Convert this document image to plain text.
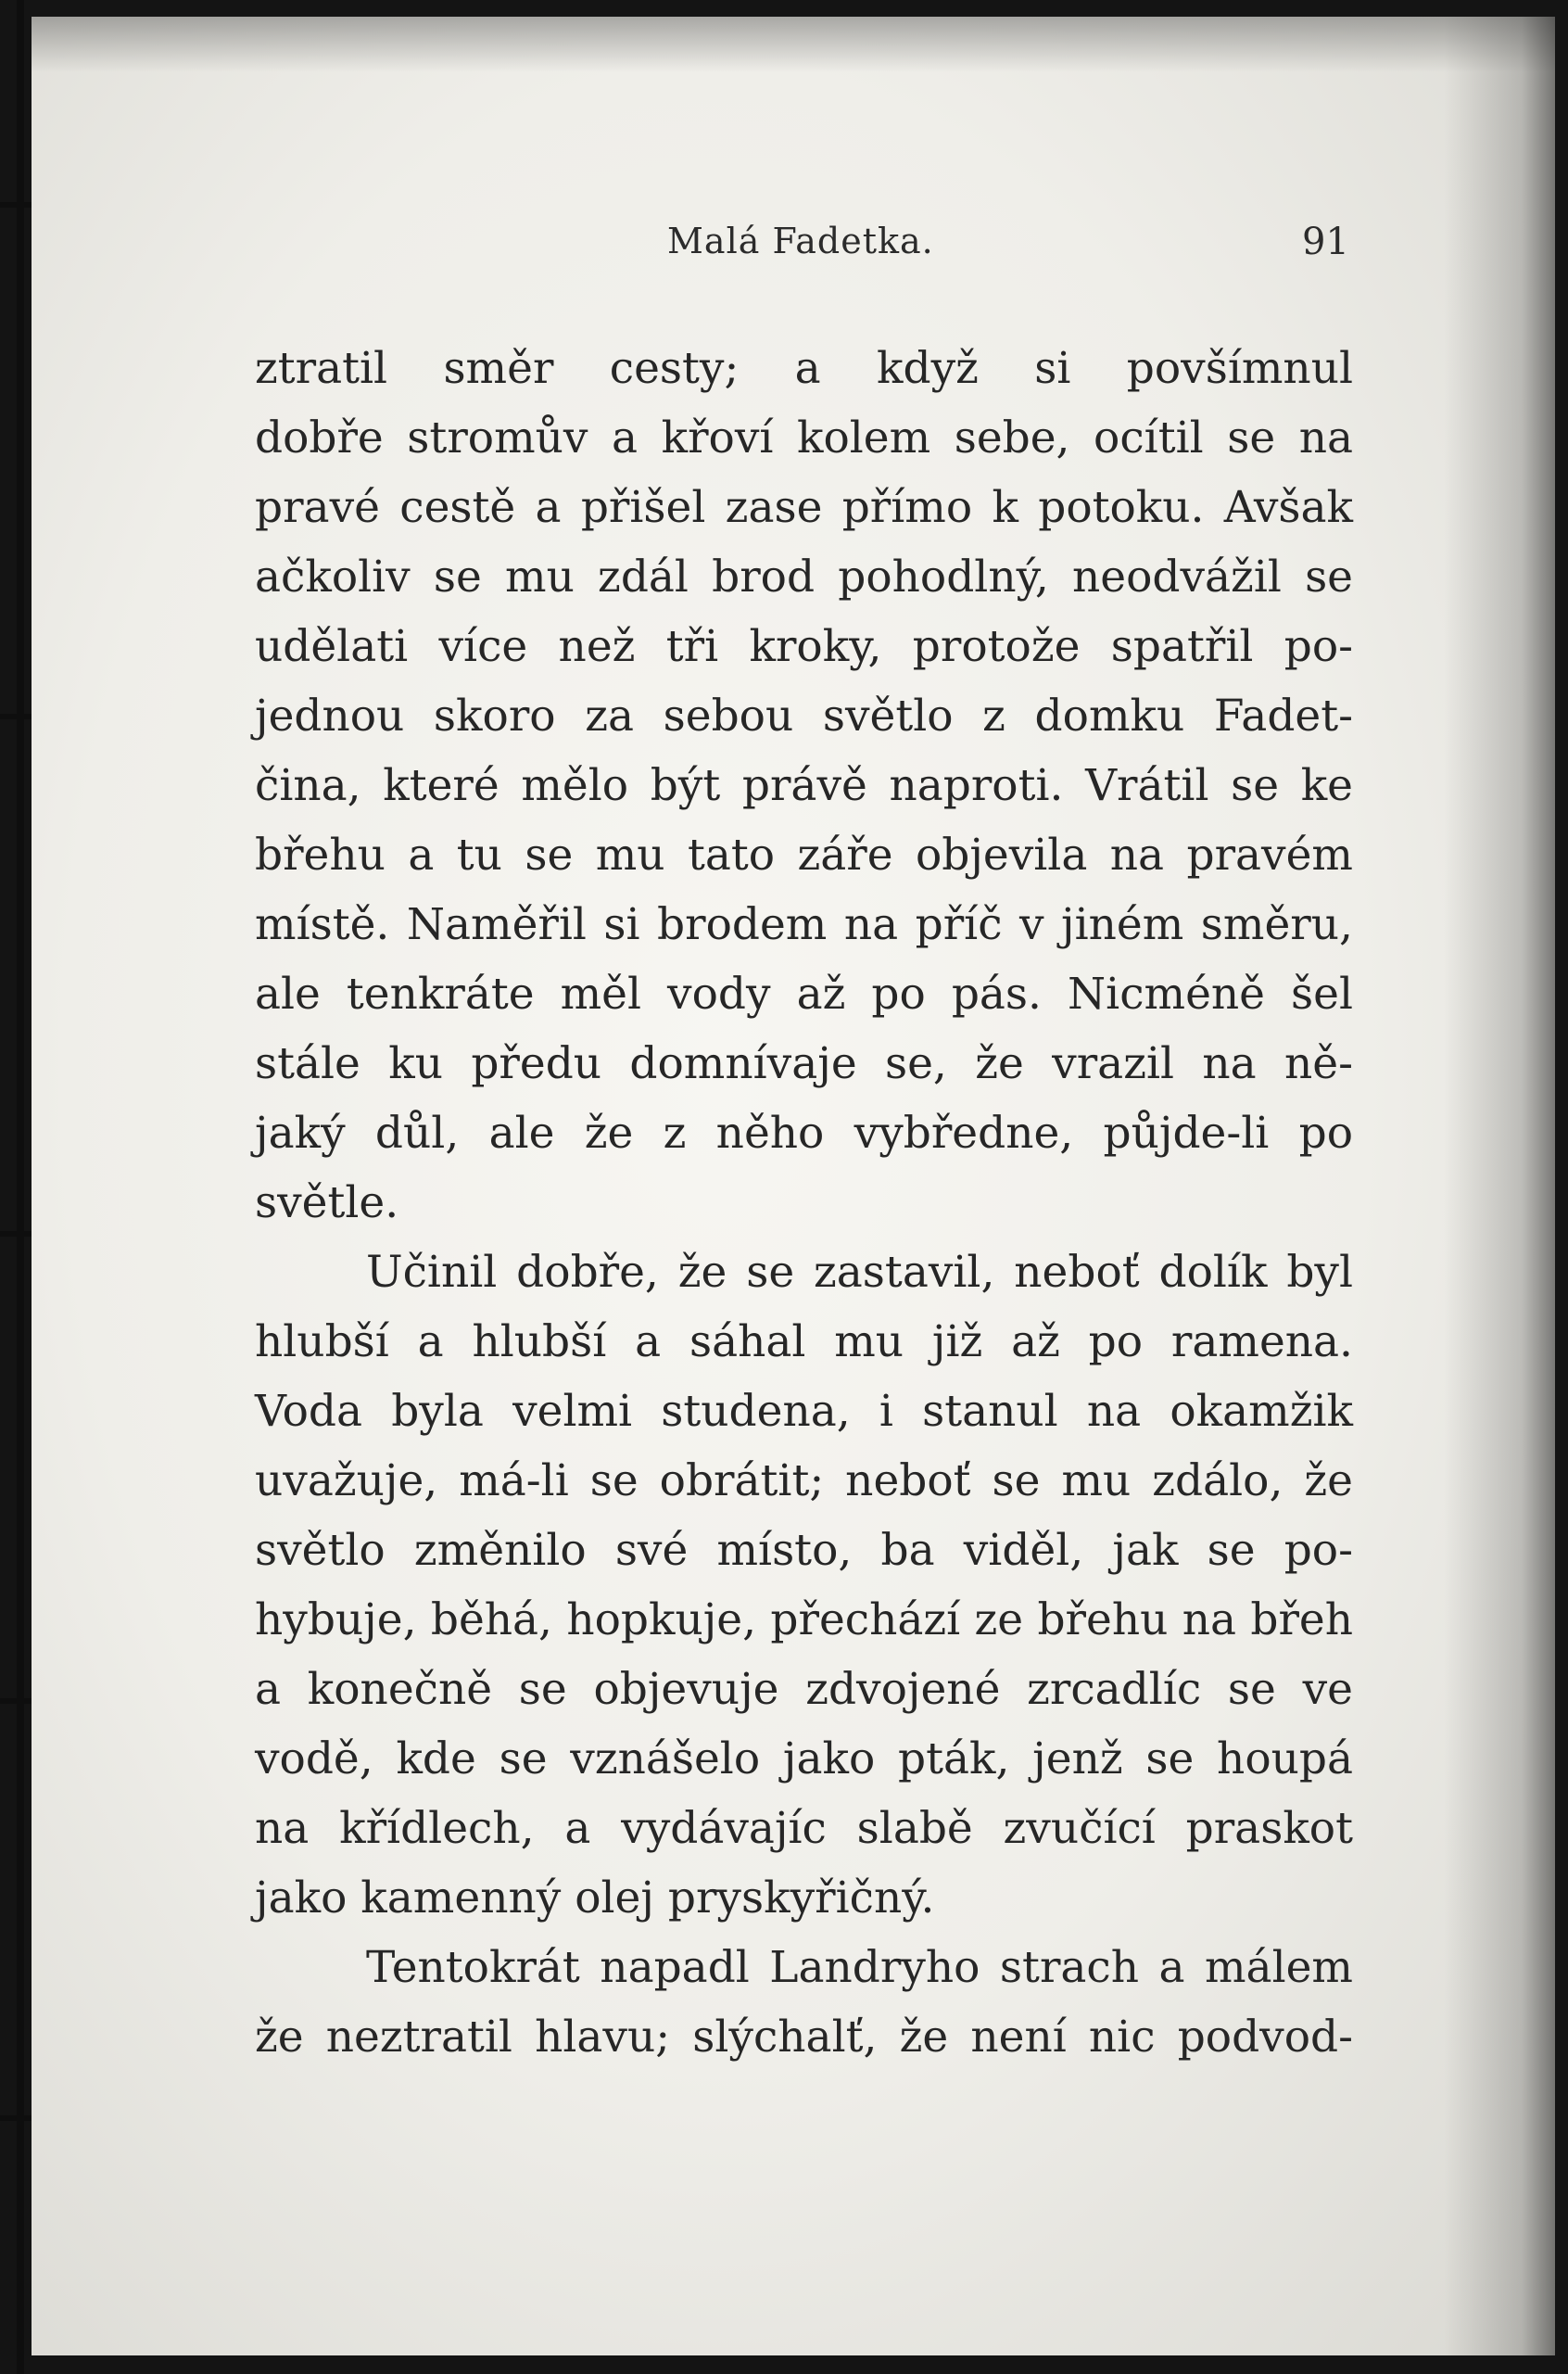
Malá Fadetka.	91
ztratil směr cesty; a když si povšímnul
dobře stromův a křoví kolem sebe, ocítil se na
pravé cestě a přišel zase přímo k potoku. Avšak
ačkoliv se mu zdál brod pohodlný, neodvážil se
udělati více než tři kroky, protože spatřil po-
jednou skoro za sebou světlo z domku Fadet-
čina, které mělo být právě naproti. Vrátil se ke
břehu a tu se mu tato záře objevila na pravém
místě. Naměřil si brodem na příč v jiném směru,
ale tenkráte měl vody až po pás. Nicméně šel
stále ku předu domnívaje se, že vrazil na ně-
jaký důl, ale že z něho vybředne, půjde-li po
světle.
Učinil dobře, že se zastavil, neboť dolík byl
hlubší a hlubší a sáhal mu již až po ramena.
Voda byla velmi studena, i stanul na okamžik
uvažuje, má-li se obrátit; neboť se mu zdálo, že
světlo změnilo své místo, ba viděl, jak se po-
hybuje, běhá, hopkuje, přechází ze břehu na břeh
a konečně se objevuje zdvojené zrcadlíc se ve
vodě, kde se vznášelo jako pták, jenž se houpá
na křídlech, a vydávajíc slabě zvučící praskot
jako kamenný olej pryskyřičný.
Tentokrát napadl Landryho strach a málem
že neztratil hlavu; slýchalť, že není nic podvod-
